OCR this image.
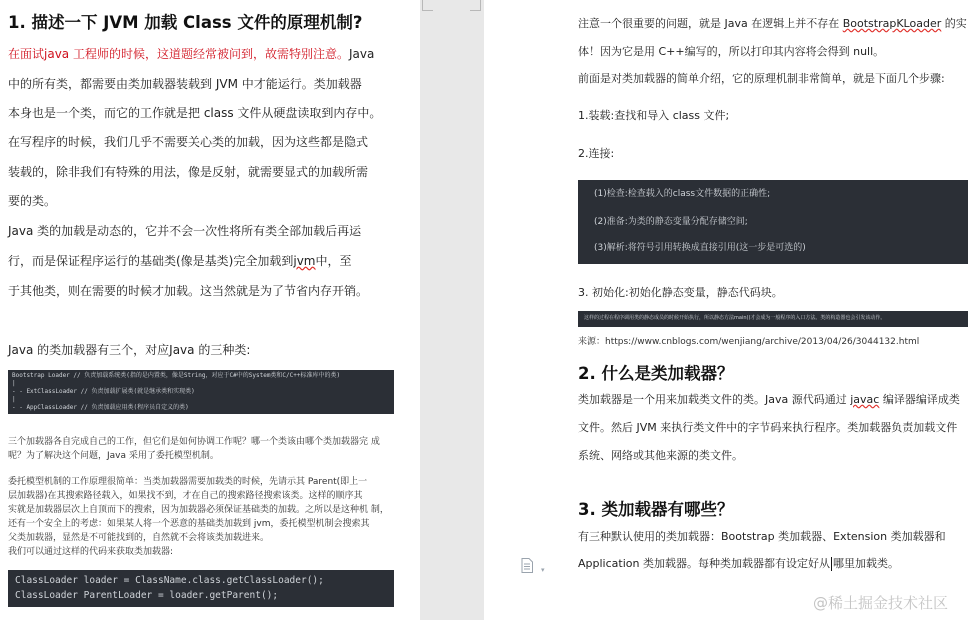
1. 描述一下 JVM 加载 Class 文件的原理机制?
在面试java 工程师的时候，这道题经常被问到，故需特别注意。Java
中的所有类，都需要由类加载器装载到 JVM 中才能运行。类加载器
本身也是一个类，而它的工作就是把 class 文件从硬盘读取到内存中。
在写程序的时候，我们几乎不需要关心类的加载，因为这些都是隐式
装载的，除非我们有特殊的用法，像是反射，就需要显式的加载所需
要的类。
Java 类的加载是动态的，它并不会一次性将所有类全部加载后再运
行，而是保证程序运行的基础类(像是基类)完全加载到jvm中，至
于其他类，则在需要的时候才加载。这当然就是为了节省内存开销。
Java 的类加载器有三个，对应Java 的三种类:
Bootstrap Loader // 负责加载系统类(指的是内置类，像是String，对应于C#中的System类和C/C++标准库中的类)
|
- - ExtClassLoader // 负责加载扩展类(就是继承类和实现类)
|
- - AppClassLoader // 负责加载应用类(程序员自定义的类)
三个加载器各自完成自己的工作，但它们是如何协调工作呢？哪一个类该由哪个类加载器完 成
呢？为了解决这个问题，Java 采用了委托模型机制。
委托模型机制的工作原理很简单：当类加载器需要加载类的时候，先请示其 Parent(即上一
层加载器)在其搜索路径载入，如果找不到，才在自己的搜索路径搜索该类。这样的顺序其
实就是加载器层次上自顶而下的搜索，因为加载器必须保证基础类的加载。之所以是这种机 制，
还有一个安全上的考虑：如果某人将一个恶意的基础类加载到 jvm，委托模型机制会搜索其
父类加载器，显然是不可能找到的，自然就不会将该类加载进来。
我们可以通过这样的代码来获取类加载器:
ClassLoader loader = ClassName.class.getClassLoader();
ClassLoader ParentLoader = loader.getParent();
注意一个很重要的问题，就是 Java 在逻辑上并不存在 BootstrapKLoader 的实
体！因为它是用 C++编写的，所以打印其内容将会得到 null。
前面是对类加载器的简单介绍，它的原理机制非常简单，就是下面几个步骤:
1.装载:查找和导入 class 文件;
2.连接:
(1)检查:检查载入的class文件数据的正确性;
(2)准备:为类的静态变量分配存储空间;
(3)解析:将符号引用转换成直接引用(这一步是可选的)
3. 初始化:初始化静态变量，静态代码块。
这样的过程在程序调用类的静态成员的时候开始执行，所以静态方法main()才会成为一般程序的入口方法。类的构造器也会引发该动作。
来源：https://www.cnblogs.com/wenjiang/archive/2013/04/26/3044132.html
2. 什么是类加载器？
类加载器是一个用来加载类文件的类。Java 源代码通过 javac 编译器编译成类
文件。然后 JVM 来执行类文件中的字节码来执行程序。类加载器负责加载文件
系统、网络或其他来源的类文件。
3. 类加载器有哪些？
有三种默认使用的类加载器：Bootstrap 类加载器、Extension 类加载器和
Application 类加载器。每种类加载器都有设定好从 哪里加载类。
▾
@稀土掘金技术社区
